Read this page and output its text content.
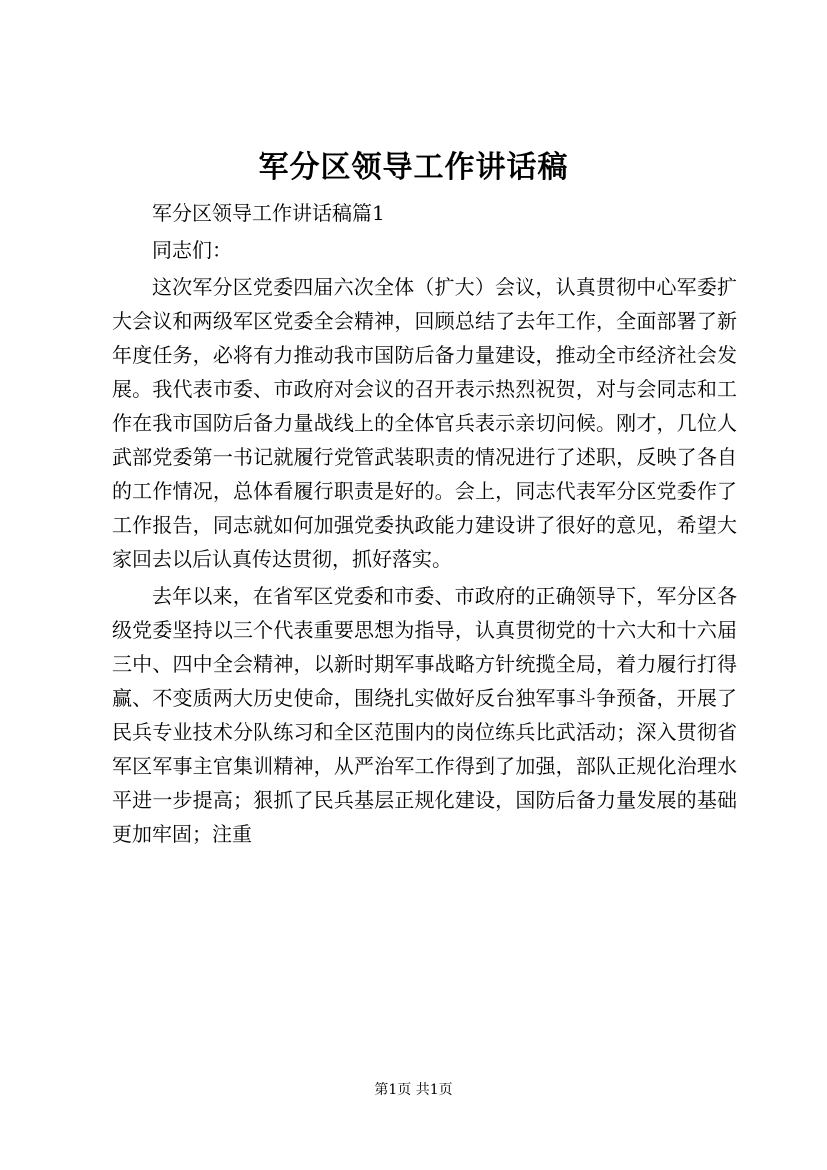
军分区领导工作讲话稿

军分区领导工作讲话稿篇1

同志们：

这次军分区党委四届六次全体（扩大）会议，认真贯彻中心军委扩大会议和两级军区党委全会精神，回顾总结了去年工作，全面部署了新年度任务，必将有力推动我市国防后备力量建设，推动全市经济社会发展。我代表市委、市政府对会议的召开表示热烈祝贺，对与会同志和工作在我市国防后备力量战线上的全体官兵表示亲切问候。刚才，几位人武部党委第一书记就履行党管武装职责的情况进行了述职，反映了各自的工作情况，总体看履行职责是好的。会上，同志代表军分区党委作了工作报告，同志就如何加强党委执政能力建设讲了很好的意见，希望大家回去以后认真传达贯彻，抓好落实。

去年以来，在省军区党委和市委、市政府的正确领导下，军分区各级党委坚持以三个代表重要思想为指导，认真贯彻党的十六大和十六届三中、四中全会精神，以新时期军事战略方针统揽全局，着力履行打得赢、不变质两大历史使命，围绕扎实做好反台独军事斗争预备，开展了民兵专业技术分队练习和全区范围内的岗位练兵比武活动；深入贯彻省军区军事主官集训精神，从严治军工作得到了加强，部队正规化治理水平进一步提高；狠抓了民兵基层正规化建设，国防后备力量发展的基础更加牢固；注重

第1页 共1页
